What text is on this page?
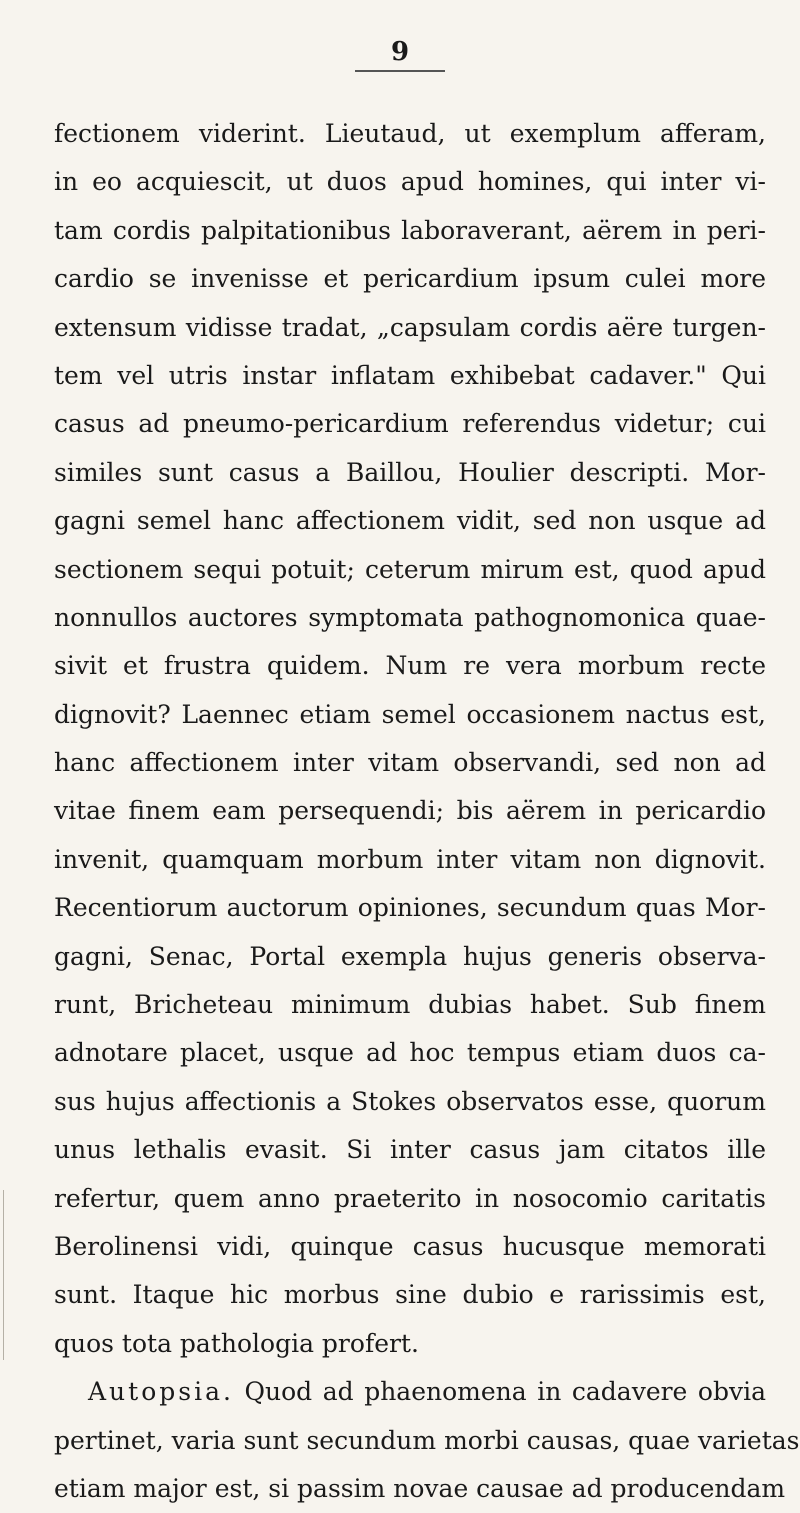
9
fectionem viderint. Lieutaud, ut exemplum afferam,
in eo acquiescit, ut duos apud homines, qui inter vi-
tam cordis palpitationibus laboraverant, aërem in peri-
cardio se invenisse et pericardium ipsum culei more
extensum vidisse tradat, „capsulam cordis aëre turgen-
tem vel utris instar inflatam exhibebat cadaver." Qui
casus ad pneumo-pericardium referendus videtur; cui
similes sunt casus a Baillou, Houlier descripti. Mor-
gagni semel hanc affectionem vidit, sed non usque ad
sectionem sequi potuit; ceterum mirum est, quod apud
nonnullos auctores symptomata pathognomonica quae-
sivit et frustra quidem. Num re vera morbum recte
dignovit? Laennec etiam semel occasionem nactus est,
hanc affectionem inter vitam observandi, sed non ad
vitae finem eam persequendi; bis aërem in pericardio
invenit, quamquam morbum inter vitam non dignovit.
Recentiorum auctorum opiniones, secundum quas Mor-
gagni, Senac, Portal exempla hujus generis observa-
runt, Bricheteau minimum dubias habet. Sub finem
adnotare placet, usque ad hoc tempus etiam duos ca-
sus hujus affectionis a Stokes observatos esse, quorum
unus lethalis evasit. Si inter casus jam citatos ille
refertur, quem anno praeterito in nosocomio caritatis
Berolinensi vidi, quinque casus hucusque memorati
sunt. Itaque hic morbus sine dubio e rarissimis est,
quos tota pathologia profert.
Autopsia. Quod ad phaenomena in cadavere obvia
pertinet, varia sunt secundum morbi causas, quae varietas
etiam major est, si passim novae causae ad producendam
